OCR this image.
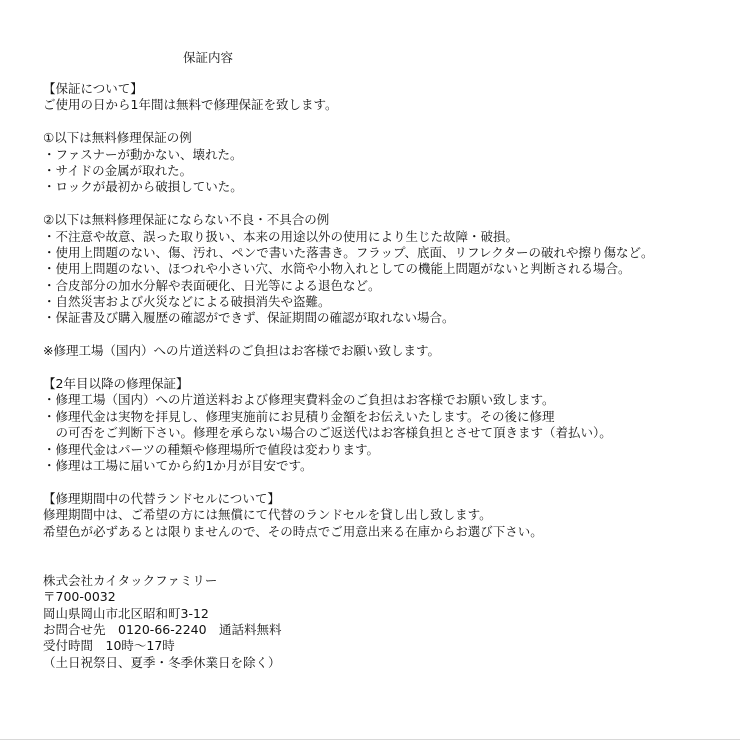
保証内容
【保証について】
ご使用の日から1年間は無料で修理保証を致します。
①以下は無料修理保証の例
・ファスナーが動かない、壊れた。
・サイドの金属が取れた。
・ロックが最初から破損していた。
②以下は無料修理保証にならない不良・不具合の例
・不注意や故意、誤った取り扱い、本来の用途以外の使用により生じた故障・破損。
・使用上問題のない、傷、汚れ、ペンで書いた落書き。フラップ、底面、リフレクターの破れや擦り傷など。
・使用上問題のない、ほつれや小さい穴、水筒や小物入れとしての機能上問題がないと判断される場合。
・合皮部分の加水分解や表面硬化、日光等による退色など。
・自然災害および火災などによる破損消失や盗難。
・保証書及び購入履歴の確認ができず、保証期間の確認が取れない場合。
※修理工場（国内）への片道送料のご負担はお客様でお願い致します。
【2年目以降の修理保証】
・修理工場（国内）への片道送料および修理実費料金のご負担はお客様でお願い致します。
・修理代金は実物を拝見し、修理実施前にお見積り金額をお伝えいたします。その後に修理
　の可否をご判断下さい。修理を承らない場合のご返送代はお客様負担とさせて頂きます（着払い）。
・修理代金はパーツの種類や修理場所で値段は変わります。
・修理は工場に届いてから約1か月が目安です。
【修理期間中の代替ランドセルについて】
修理期間中は、ご希望の方には無償にて代替のランドセルを貸し出し致します。
希望色が必ずあるとは限りませんので、その時点でご用意出来る在庫からお選び下さい。
株式会社カイタックファミリー
〒700-0032
岡山県岡山市北区昭和町3-12
お問合せ先　0120-66-2240　通話料無料
受付時間　10時～17時
（土日祝祭日、夏季・冬季休業日を除く）
